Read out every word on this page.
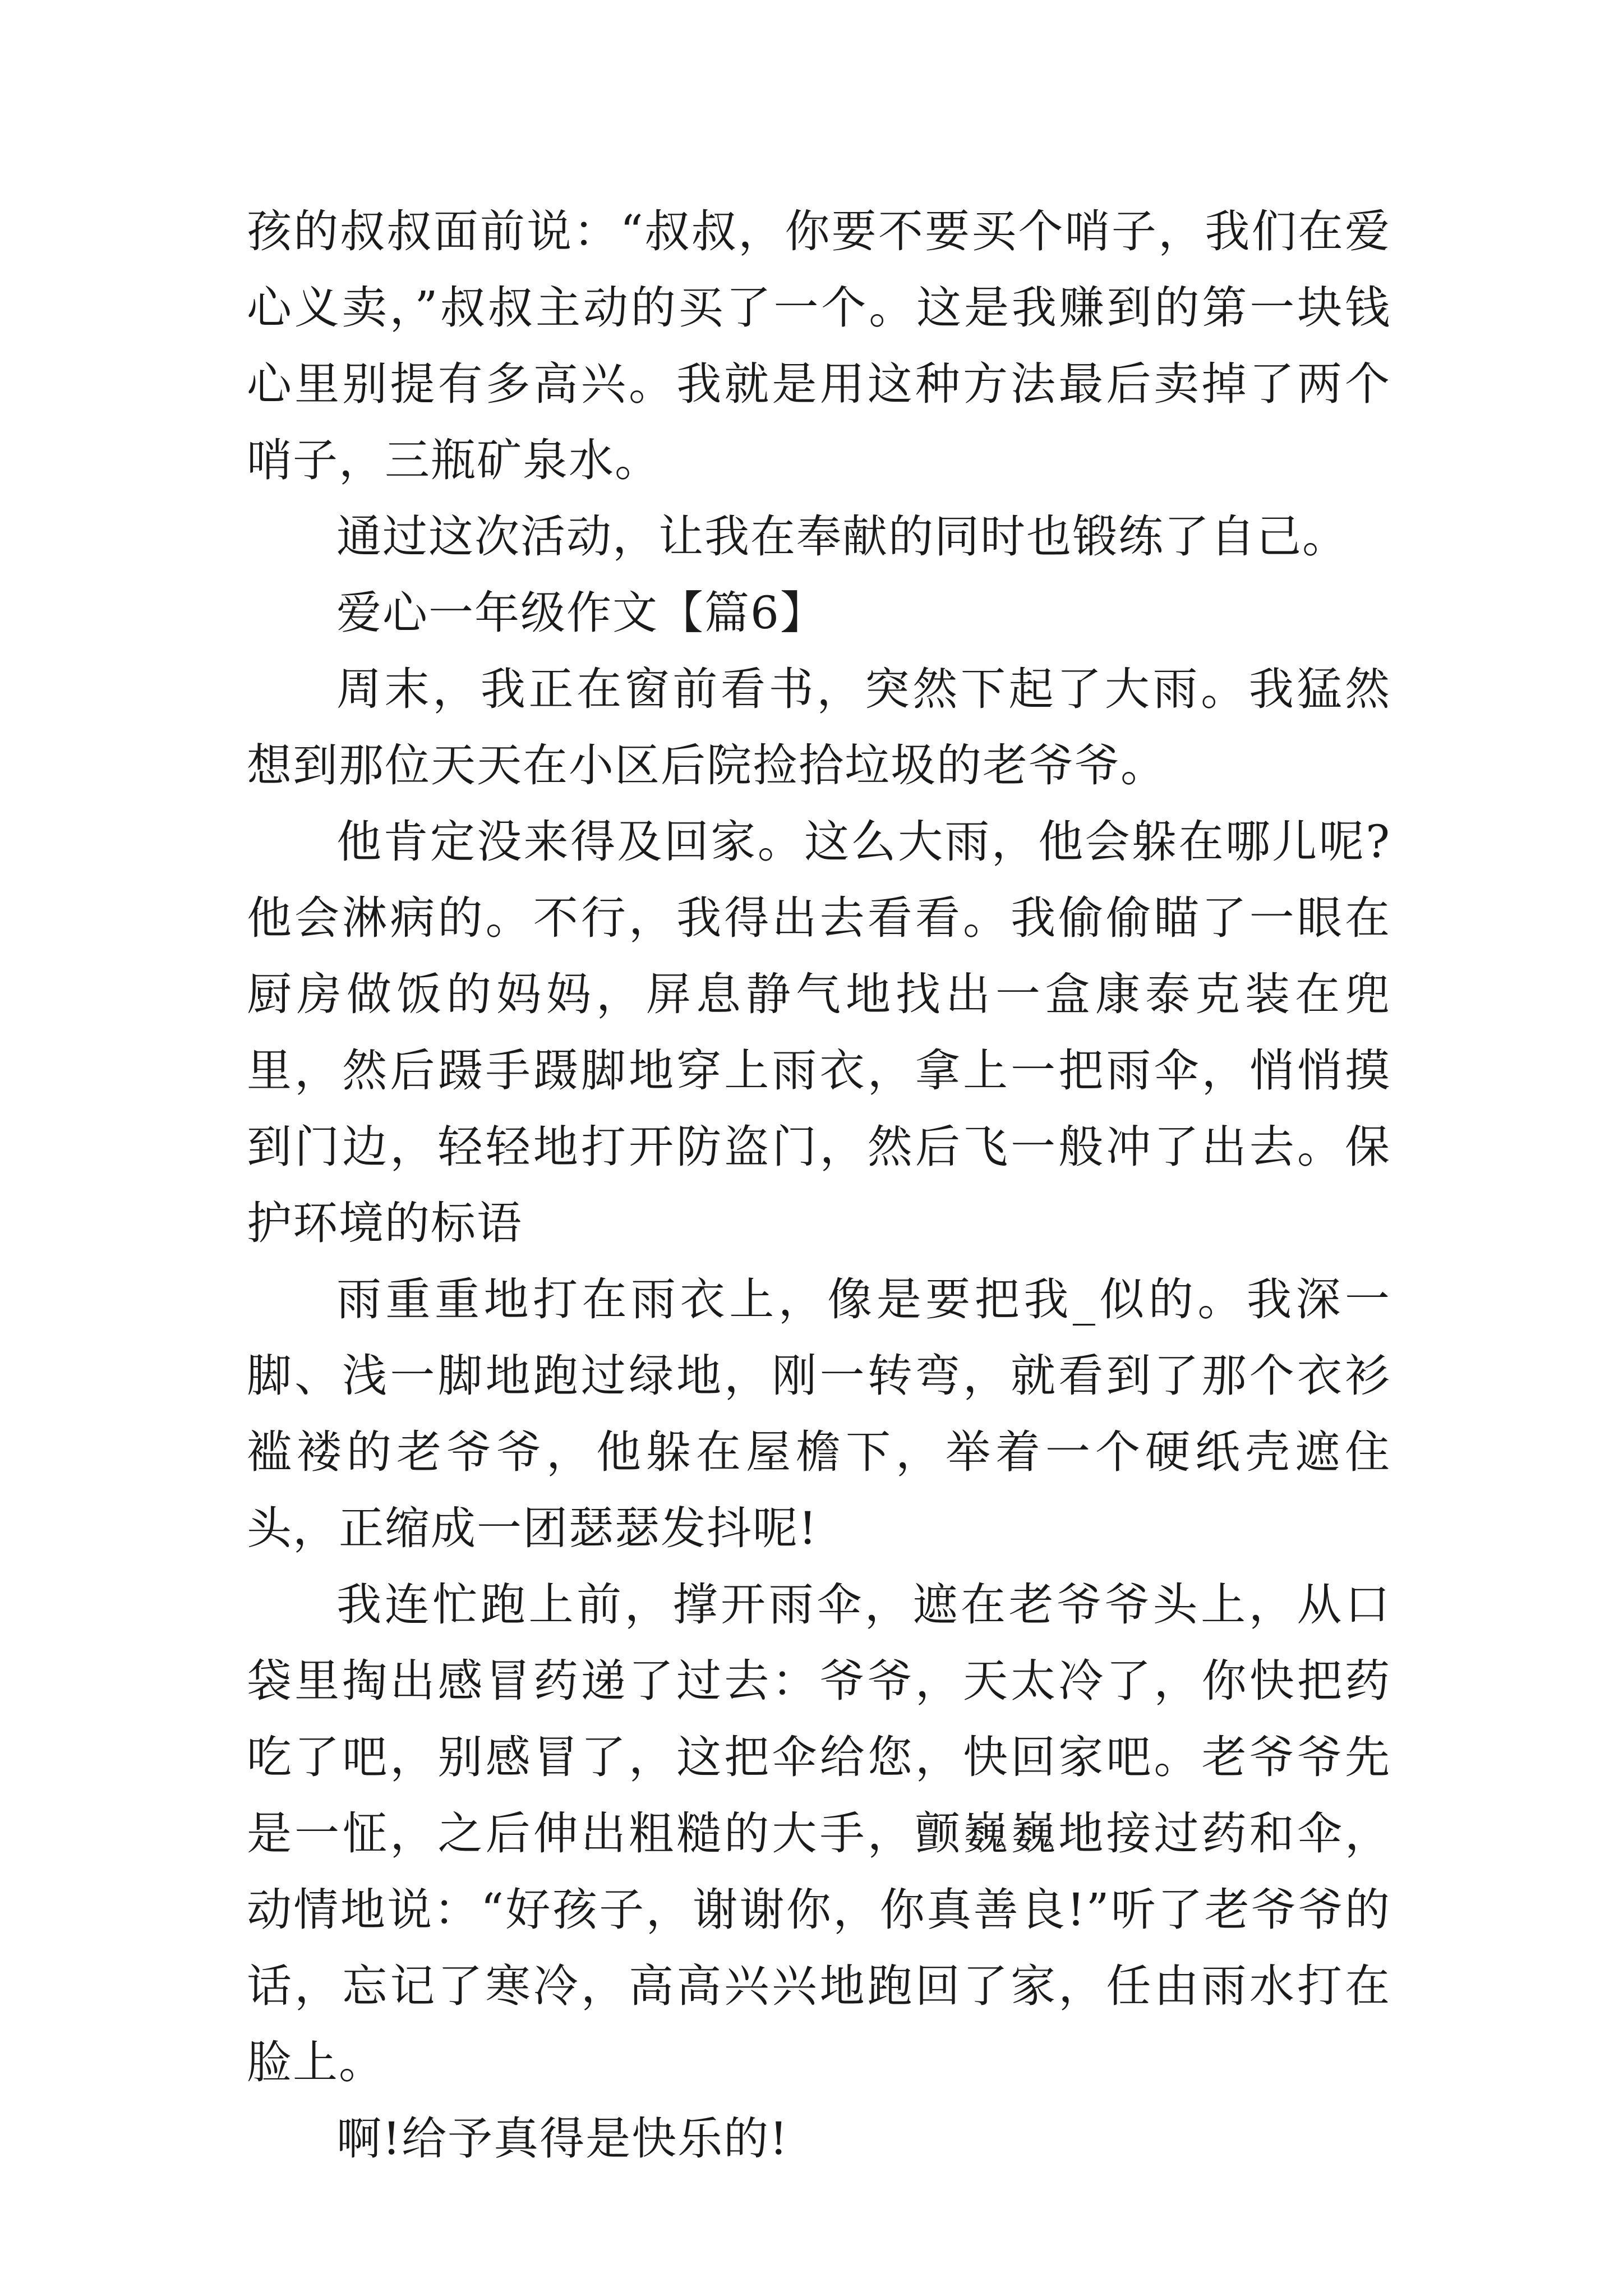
孩的叔叔面前说：“叔叔，你要不要买个哨子，我们在爱心义卖，”叔叔主动的买了一个。这是我赚到的第一块钱心里别提有多高兴。我就是用这种方法最后卖掉了两个哨子，三瓶矿泉水。

通过这次活动，让我在奉献的同时也锻练了自己。

爱心一年级作文【篇6】

周末，我正在窗前看书，突然下起了大雨。我猛然想到那位天天在小区后院捡拾垃圾的老爷爷。

他肯定没来得及回家。这么大雨，他会躲在哪儿呢?他会淋病的。不行，我得出去看看。我偷偷瞄了一眼在厨房做饭的妈妈，屏息静气地找出一盒康泰克装在兜里，然后蹑手蹑脚地穿上雨衣，拿上一把雨伞，悄悄摸到门边，轻轻地打开防盗门，然后飞一般冲了出去。保护环境的标语

雨重重地打在雨衣上，像是要把我_似的。我深一脚、浅一脚地跑过绿地，刚一转弯，就看到了那个衣衫褴褛的老爷爷，他躲在屋檐下，举着一个硬纸壳遮住头，正缩成一团瑟瑟发抖呢!

我连忙跑上前，撑开雨伞，遮在老爷爷头上，从口袋里掏出感冒药递了过去：爷爷，天太冷了，你快把药吃了吧，别感冒了，这把伞给您，快回家吧。老爷爷先是一怔，之后伸出粗糙的大手，颤巍巍地接过药和伞，动情地说：“好孩子，谢谢你，你真善良!”听了老爷爷的话，忘记了寒冷，高高兴兴地跑回了家，任由雨水打在脸上。

啊!给予真得是快乐的!
